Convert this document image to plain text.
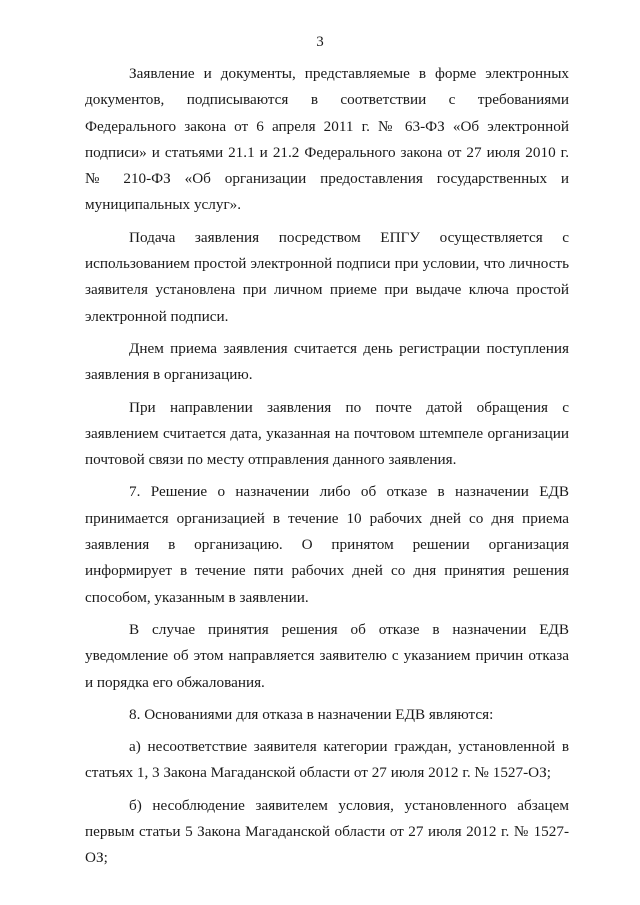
3

Заявление и документы, представляемые в форме электронных документов, подписываются в соответствии с требованиями Федерального закона от 6 апреля 2011 г. № 63-ФЗ «Об электронной подписи» и статьями 21.1 и 21.2 Федерального закона от 27 июля 2010 г. № 210-ФЗ «Об организации предоставления государственных и муниципальных услуг».

Подача заявления посредством ЕПГУ осуществляется с использованием простой электронной подписи при условии, что личность заявителя установлена при личном приеме при выдаче ключа простой электронной подписи.

Днем приема заявления считается день регистрации поступления заявления в организацию.

При направлении заявления по почте датой обращения с заявлением считается дата, указанная на почтовом штемпеле организации почтовой связи по месту отправления данного заявления.

7. Решение о назначении либо об отказе в назначении ЕДВ принимается организацией в течение 10 рабочих дней со дня приема заявления в организацию. О принятом решении организация информирует в течение пяти рабочих дней со дня принятия решения способом, указанным в заявлении.

В случае принятия решения об отказе в назначении ЕДВ уведомление об этом направляется заявителю с указанием причин отказа и порядка его обжалования.

8. Основаниями для отказа в назначении ЕДВ являются:

а) несоответствие заявителя категории граждан, установленной в статьях 1, 3 Закона Магаданской области от 27 июля 2012 г. № 1527-ОЗ;

б) несоблюдение заявителем условия, установленного абзацем первым статьи 5 Закона Магаданской области от 27 июля 2012 г. № 1527-ОЗ;
